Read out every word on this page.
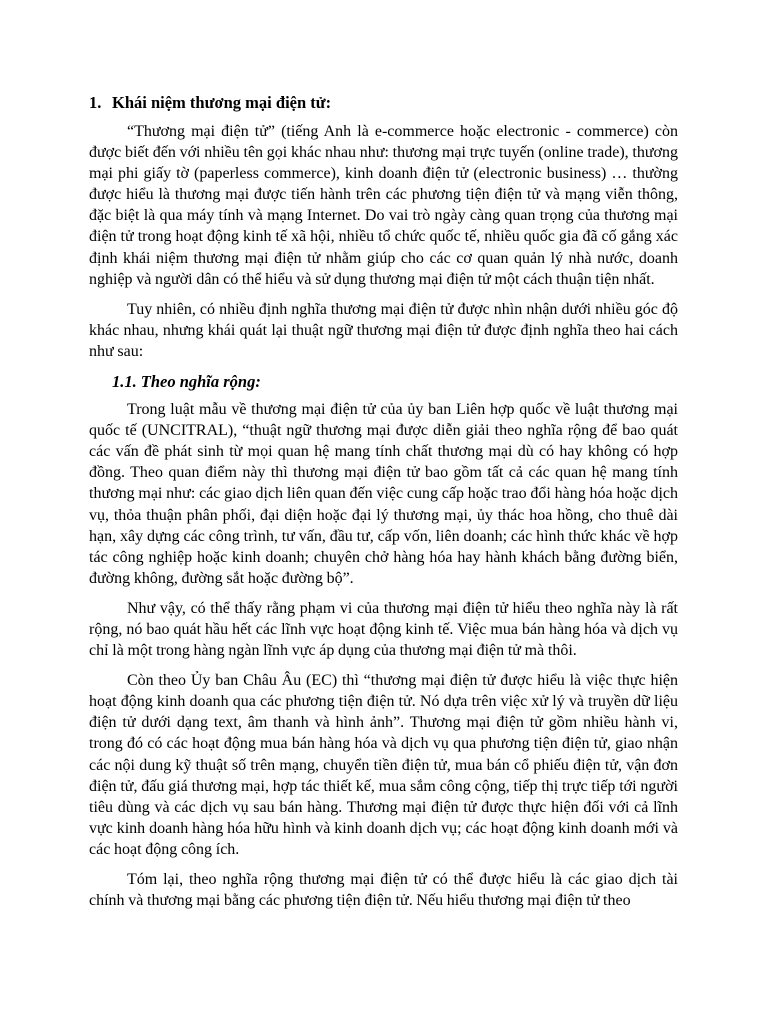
1. Khái niệm thương mại điện tử:

“Thương mại điện tử” (tiếng Anh là e-commerce hoặc electronic - commerce) còn được biết đến với nhiều tên gọi khác nhau như: thương mại trực tuyến (online trade), thương mại phi giấy tờ (paperless commerce), kinh doanh điện tử (electronic business) … thường được hiểu là thương mại được tiến hành trên các phương tiện điện tử và mạng viễn thông, đặc biệt là qua máy tính và mạng Internet. Do vai trò ngày càng quan trọng của thương mại điện tử trong hoạt động kinh tế xã hội, nhiều tổ chức quốc tế, nhiều quốc gia đã cố gắng xác định khái niệm thương mại điện tử nhằm giúp cho các cơ quan quản lý nhà nước, doanh nghiệp và người dân có thể hiểu và sử dụng thương mại điện tử một cách thuận tiện nhất.

Tuy nhiên, có nhiều định nghĩa thương mại điện tử được nhìn nhận dưới nhiều góc độ khác nhau, nhưng khái quát lại thuật ngữ thương mại điện tử được định nghĩa theo hai cách như sau:

1.1. Theo nghĩa rộng:

Trong luật mẫu về thương mại điện tử của ủy ban Liên hợp quốc về luật thương mại quốc tế (UNCITRAL), “thuật ngữ thương mại được diễn giải theo nghĩa rộng để bao quát các vấn đề phát sinh từ mọi quan hệ mang tính chất thương mại dù có hay không có hợp đồng. Theo quan điểm này thì thương mại điện tử bao gồm tất cả các quan hệ mang tính thương mại như: các giao dịch liên quan đến việc cung cấp hoặc trao đổi hàng hóa hoặc dịch vụ, thỏa thuận phân phối, đại diện hoặc đại lý thương mại, ủy thác hoa hồng, cho thuê dài hạn, xây dựng các công trình, tư vấn, đầu tư, cấp vốn, liên doanh; các hình thức khác về hợp tác công nghiệp hoặc kinh doanh; chuyên chở hàng hóa hay hành khách bằng đường biển, đường không, đường sắt hoặc đường bộ”.

Như vậy, có thể thấy rằng phạm vi của thương mại điện tử hiểu theo nghĩa này là rất rộng, nó bao quát hầu hết các lĩnh vực hoạt động kinh tế. Việc mua bán hàng hóa và dịch vụ chỉ là một trong hàng ngàn lĩnh vực áp dụng của thương mại điện tử mà thôi.

Còn theo Ủy ban Châu Âu (EC) thì “thương mại điện tử được hiểu là việc thực hiện hoạt động kinh doanh qua các phương tiện điện tử. Nó dựa trên việc xử lý và truyền dữ liệu điện tử dưới dạng text, âm thanh và hình ảnh”. Thương mại điện tử gồm nhiều hành vi, trong đó có các hoạt động mua bán hàng hóa và dịch vụ qua phương tiện điện tử, giao nhận các nội dung kỹ thuật số trên mạng, chuyển tiền điện tử, mua bán cổ phiếu điện tử, vận đơn điện tử, đấu giá thương mại, hợp tác thiết kế, mua sắm công cộng, tiếp thị trực tiếp tới người tiêu dùng và các dịch vụ sau bán hàng. Thương mại điện tử được thực hiện đối với cả lĩnh vực kinh doanh hàng hóa hữu hình và kinh doanh dịch vụ; các hoạt động kinh doanh mới và các hoạt động công ích.

Tóm lại, theo nghĩa rộng thương mại điện tử có thể được hiểu là các giao dịch tài chính và thương mại bằng các phương tiện điện tử. Nếu hiểu thương mại điện tử theo
